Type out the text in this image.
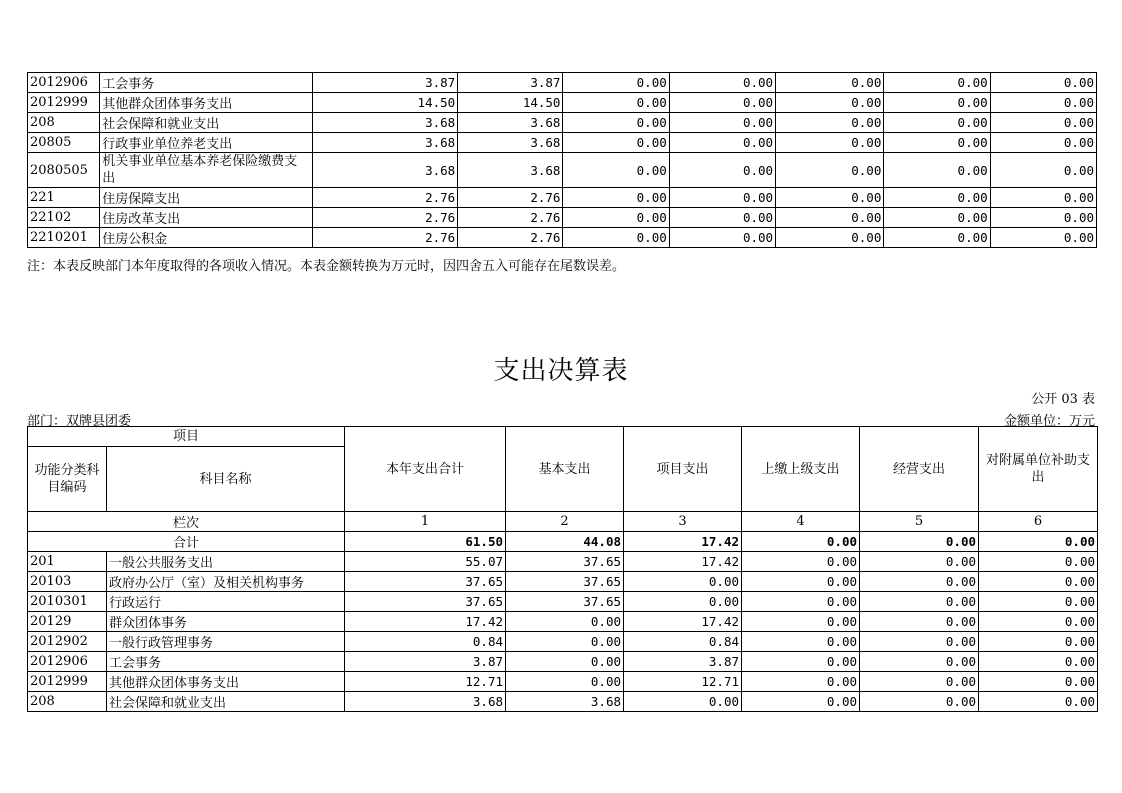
2012906	工会事务	3.87	3.87	0.00	0.00	0.00	0.00	0.00
2012999	其他群众团体事务支出	14.50	14.50	0.00	0.00	0.00	0.00	0.00
208	社会保障和就业支出	3.68	3.68	0.00	0.00	0.00	0.00	0.00
20805	行政事业单位养老支出	3.68	3.68	0.00	0.00	0.00	0.00	0.00
2080505	机关事业单位基本养老保险缴费支出	3.68	3.68	0.00	0.00	0.00	0.00	0.00
221	住房保障支出	2.76	2.76	0.00	0.00	0.00	0.00	0.00
22102	住房改革支出	2.76	2.76	0.00	0.00	0.00	0.00	0.00
2210201	住房公积金	2.76	2.76	0.00	0.00	0.00	0.00	0.00
注：本表反映部门本年度取得的各项收入情况。本表金额转换为万元时，因四舍五入可能存在尾数误差。
支出决算表
公开 03 表
部门：双牌县团委	金额单位：万元
项目		本年支出合计	基本支出	项目支出	上缴上级支出	经营支出	对附属单位补助支出
功能分类科目编码	科目名称						
栏次		1	2	3	4	5	6
合计		61.50	44.08	17.42	0.00	0.00	0.00
201	一般公共服务支出	55.07	37.65	17.42	0.00	0.00	0.00
20103	政府办公厅（室）及相关机构事务	37.65	37.65	0.00	0.00	0.00	0.00
2010301	行政运行	37.65	37.65	0.00	0.00	0.00	0.00
20129	群众团体事务	17.42	0.00	17.42	0.00	0.00	0.00
2012902	一般行政管理事务	0.84	0.00	0.84	0.00	0.00	0.00
2012906	工会事务	3.87	0.00	3.87	0.00	0.00	0.00
2012999	其他群众团体事务支出	12.71	0.00	12.71	0.00	0.00	0.00
208	社会保障和就业支出	3.68	3.68	0.00	0.00	0.00	0.00
